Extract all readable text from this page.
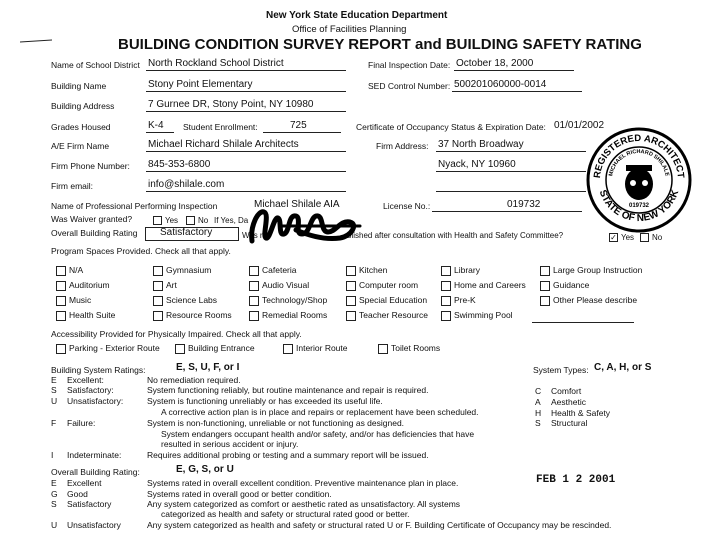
New York State Education Department
Office of Facilities Planning
BUILDING CONDITION SURVEY REPORT and BUILDING SAFETY RATING
Name of School District North Rockland School District	Final Inspection Date: October 18, 2000
Building Name	Stony Point Elementary	SED Control Number: 500201060000-0014
Building Address	7 Gurnee DR, Stony Point, NY 10980
Grades Housed	K-4 Student Enrollment:	725	Certificate of Occupancy Status & Expiration Date: 01/01/2002
A/E Firm Name	Michael Richard Shilale Architects	Firm Address: 37 North Broadway
Firm Phone Number: 845-353-6800	Nyack, NY 10960
Firm email:	info@shilale.com
Name of Professional Performing Inspection	Michael Shilale AIA	License No.:	019732
Was Waiver granted?	Yes No If Yes, Da
Overall Building Rating Satisfactory	Was ra	blished after consultation with Health and Safety Committee?	✓ Yes No
REGISTERED ARCHITECT
STATE OF NEW YORK
MICHAEL RICHARD SHILALE
019732
Program Spaces Provided. Check all that apply.
N/A	Gymnasium	Cafeteria	Kitchen	Library	Large Group Instruction
Auditorium	Art	Audio Visual	Computer room	Home and Careers	Guidance
Music	Science Labs	Technology/Shop	Special Education	Pre-K	Other Please describe
Health Suite	Resource Rooms	Remedial Rooms	Teacher Resource	Swimming Pool
Accessibility Provided for Physically Impaired. Check all that apply.
Parking - Exterior Route	Building Entrance	Interior Route	Toilet Rooms
Building System Ratings:	E, S, U, F, or I
E Excellent:	No remediation required.
S Satisfactory:	System functioning reliably, but routine maintenance and repair is required.
U Unsatisfactory:	System is functioning unreliably or has exceeded its useful life.
A corrective action plan is in place and repairs or replacement have been scheduled.
F Failure:	System is non-functioning, unreliable or not functioning as designed.
System endangers occupant health and/or safety, and/or has deficiencies that have
resulted in serious accident or injury.
I Indeterminate:	Requires additional probing or testing and a summary report will be issued.
System Types: C, A, H, or S
C Comfort
A Aesthetic
H Health & Safety
S Structural
Overall Building Rating:	E, G, S, or U
E Excellent	Systems rated in overall excellent condition. Preventive maintenance plan in place.
G Good	Systems rated in overall good or better condition.
S Satisfactory	Any system categorized as comfort or aesthetic rated as unsatisfactory. All systems
categorized as health and safety or structural rated good or better.
U Unsatisfactory	Any system categorized as health and safety or structural rated U or F. Building Certificate of Occupancy may be rescinded.
FEB 1 2 2001
